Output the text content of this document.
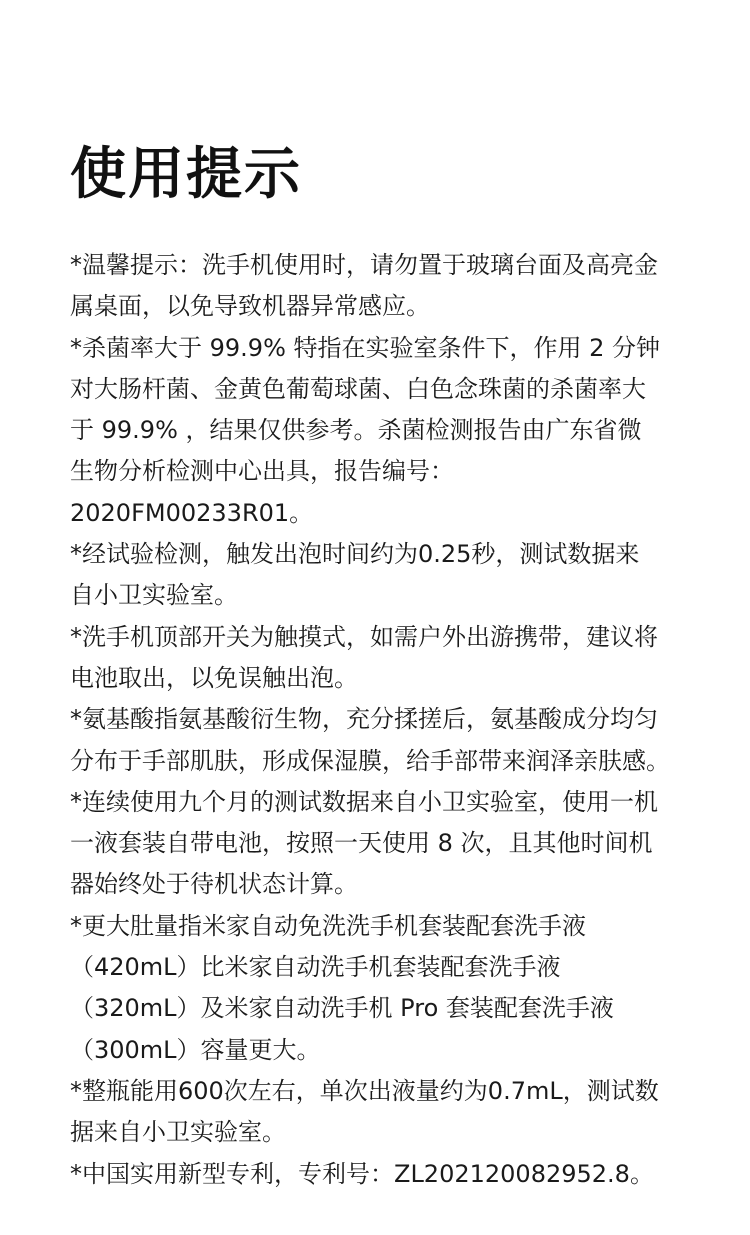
使用提示
*温馨提示：洗手机使用时，请勿置于玻璃台面及高亮金
属桌面，以免导致机器异常感应。
*杀菌率大于 99.9% 特指在实验室条件下，作用 2 分钟
对大肠杆菌、金黄色葡萄球菌、白色念珠菌的杀菌率大
于 99.9% ，结果仅供参考。杀菌检测报告由广东省微
生物分析检测中心出具，报告编号：
2020FM00233R01。
*经试验检测，触发出泡时间约为0.25秒，测试数据来
自小卫实验室。
*洗手机顶部开关为触摸式，如需户外出游携带，建议将
电池取出，以免误触出泡。
*氨基酸指氨基酸衍生物，充分揉搓后，氨基酸成分均匀
分布于手部肌肤，形成保湿膜，给手部带来润泽亲肤感。
*连续使用九个月的测试数据来自小卫实验室，使用一机
一液套装自带电池，按照一天使用 8 次，且其他时间机
器始终处于待机状态计算。
*更大肚量指米家自动免洗洗手机套装配套洗手液
（420mL）比米家自动洗手机套装配套洗手液
（320mL）及米家自动洗手机 Pro 套装配套洗手液
（300mL）容量更大。
*整瓶能用600次左右，单次出液量约为0.7mL，测试数
据来自小卫实验室。
*中国实用新型专利，专利号：ZL202120082952.8。
